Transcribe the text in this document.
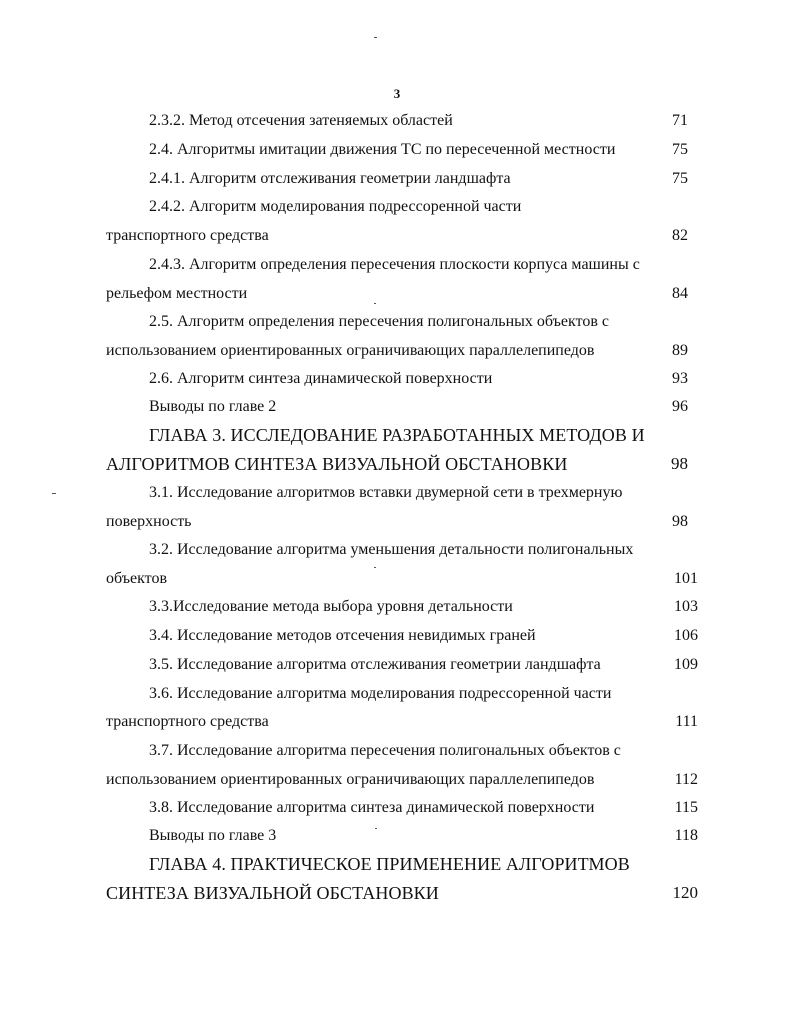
3
2.3.2. Метод отсечения затеняемых областей	71
2.4. Алгоритмы имитации движения ТС по пересеченной местности	75
2.4.1. Алгоритм отслеживания геометрии ландшафта	75
2.4.2. Алгоритм моделирования подрессоренной части
транспортного средства	82
2.4.3. Алгоритм определения пересечения плоскости корпуса машины с
рельефом местности	84
2.5. Алгоритм определения пересечения полигональных объектов с
использованием ориентированных ограничивающих параллелепипедов	89
2.6. Алгоритм синтеза динамической поверхности	93
Выводы по главе 2	96
ГЛАВА 3. ИССЛЕДОВАНИЕ РАЗРАБОТАННЫХ МЕТОДОВ И
АЛГОРИТМОВ СИНТЕЗА ВИЗУАЛЬНОЙ ОБСТАНОВКИ	98
3.1. Исследование алгоритмов вставки двумерной сети в трехмерную
поверхность	98
3.2. Исследование алгоритма уменьшения детальности полигональных
объектов	101
3.3.Исследование метода выбора уровня детальности	103
3.4. Исследование методов отсечения невидимых граней	106
3.5. Исследование алгоритма отслеживания геометрии ландшафта	109
3.6. Исследование алгоритма моделирования подрессоренной части
транспортного средства	111
3.7. Исследование алгоритма пересечения полигональных объектов с
использованием ориентированных ограничивающих параллелепипедов	112
3.8. Исследование алгоритма синтеза динамической поверхности	115
Выводы по главе 3	118
ГЛАВА 4. ПРАКТИЧЕСКОЕ ПРИМЕНЕНИЕ АЛГОРИТМОВ
СИНТЕЗА ВИЗУАЛЬНОЙ ОБСТАНОВКИ	120
